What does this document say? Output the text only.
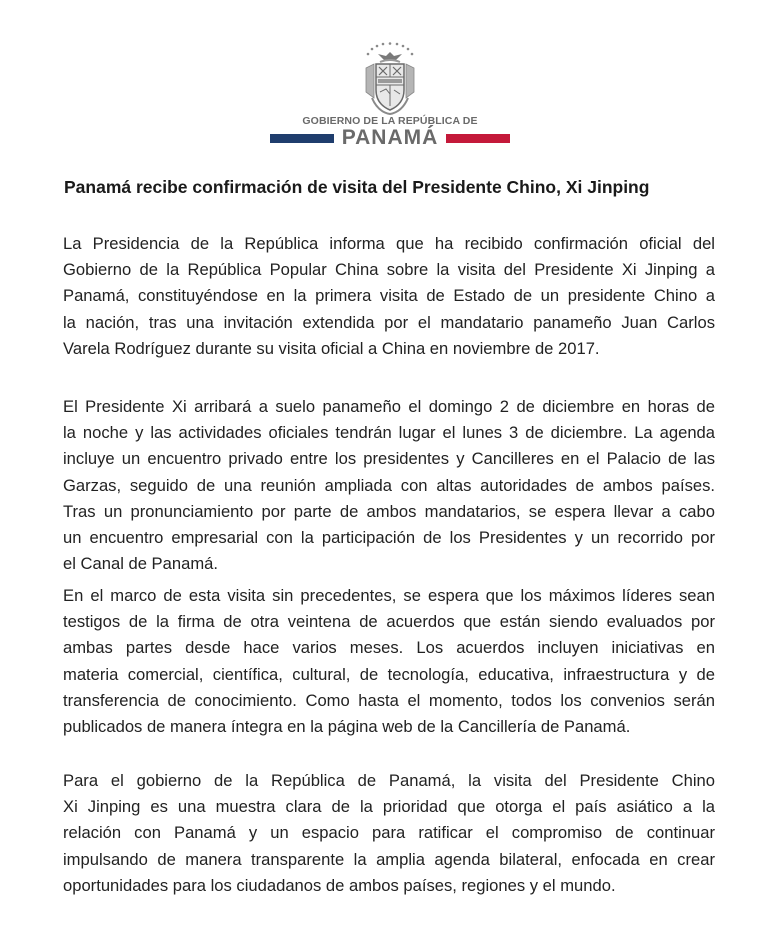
GOBIERNO DE LA REPÚBLICA DE
PANAMÁ
Panamá recibe confirmación de visita del Presidente Chino, Xi Jinping

La Presidencia de la República informa que ha recibido confirmación oficial del
Gobierno de la República Popular China sobre la visita del Presidente Xi Jinping a
Panamá, constituyéndose en la primera visita de Estado de un presidente Chino a
la nación, tras una invitación extendida por el mandatario panameño Juan Carlos
Varela Rodríguez durante su visita oficial a China en noviembre de 2017.

El Presidente Xi arribará a suelo panameño el domingo 2 de diciembre en horas de
la noche y las actividades oficiales tendrán lugar el lunes 3 de diciembre. La agenda
incluye un encuentro privado entre los presidentes y Cancilleres en el Palacio de las
Garzas, seguido de una reunión ampliada con altas autoridades de ambos países.
Tras un pronunciamiento por parte de ambos mandatarios, se espera llevar a cabo
un encuentro empresarial con la participación de los Presidentes y un recorrido por
el Canal de Panamá.

En el marco de esta visita sin precedentes, se espera que los máximos líderes sean
testigos de la firma de otra veintena de acuerdos que están siendo evaluados por
ambas partes desde hace varios meses. Los acuerdos incluyen iniciativas en
materia comercial, científica, cultural, de tecnología, educativa, infraestructura y de
transferencia de conocimiento. Como hasta el momento, todos los convenios serán
publicados de manera íntegra en la página web de la Cancillería de Panamá.

Para el gobierno de la República de Panamá, la visita del Presidente Chino
Xi Jinping es una muestra clara de la prioridad que otorga el país asiático a la
relación con Panamá y un espacio para ratificar el compromiso de continuar
impulsando de manera transparente la amplia agenda bilateral, enfocada en crear
oportunidades para los ciudadanos de ambos países, regiones y el mundo.
